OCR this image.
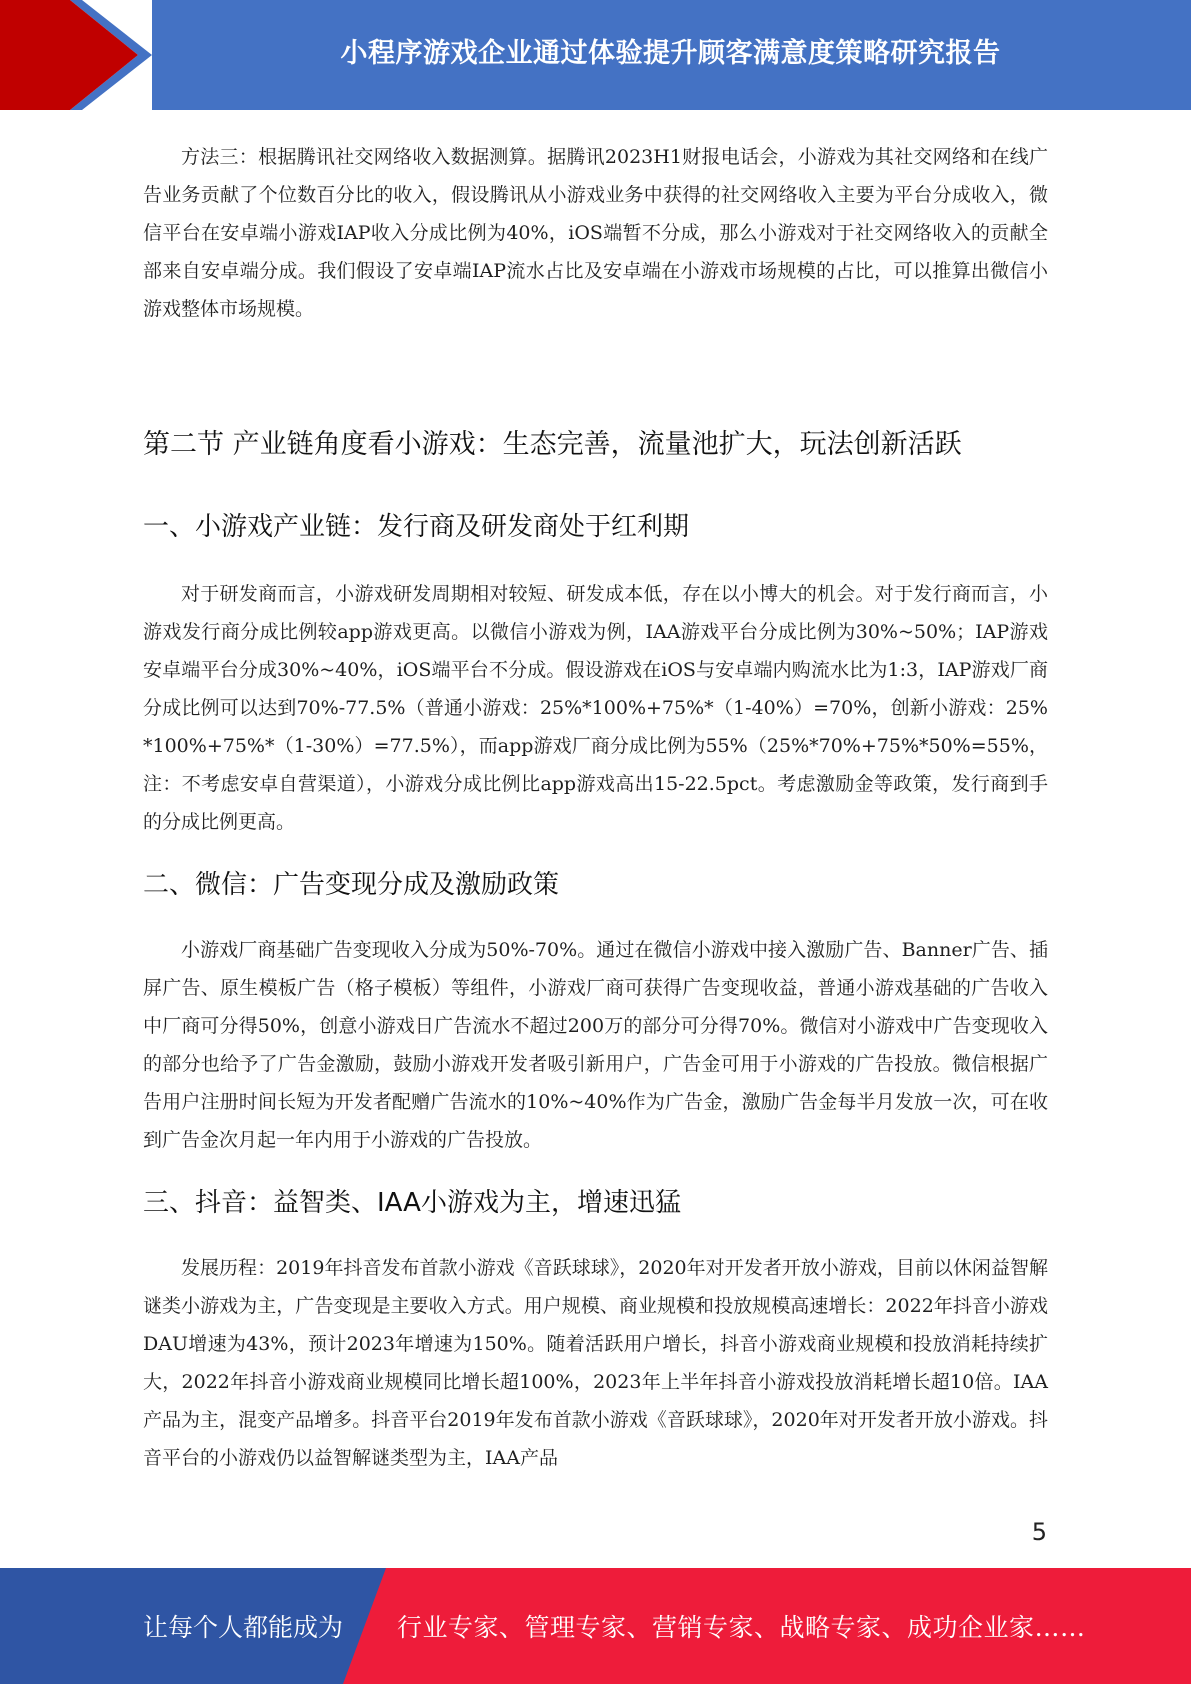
小程序游戏企业通过体验提升顾客满意度策略研究报告

方法三：根据腾讯社交网络收入数据测算。据腾讯2023H1财报电话会，小游戏为其社交网络和在线广告业务贡献了个位数百分比的收入，假设腾讯从小游戏业务中获得的社交网络收入主要为平台分成收入，微信平台在安卓端小游戏IAP收入分成比例为40%，iOS端暂不分成，那么小游戏对于社交网络收入的贡献全部来自安卓端分成。我们假设了安卓端IAP流水占比及安卓端在小游戏市场规模的占比，可以推算出微信小游戏整体市场规模。

第二节 产业链角度看小游戏：生态完善，流量池扩大，玩法创新活跃
一、小游戏产业链：发行商及研发商处于红利期

对于研发商而言，小游戏研发周期相对较短、研发成本低，存在以小博大的机会。对于发行商而言，小游戏发行商分成比例较app游戏更高。以微信小游戏为例，IAA游戏平台分成比例为30%~50%；IAP游戏安卓端平台分成30%~40%，iOS端平台不分成。假设游戏在iOS与安卓端内购流水比为1:3，IAP游戏厂商分成比例可以达到70%-77.5%（普通小游戏：25%*100%+75%*（1-40%）=70%，创新小游戏：25%*100%+75%*（1-30%）=77.5%），而app游戏厂商分成比例为55%（25%*70%+75%*50%=55%，注：不考虑安卓自营渠道），小游戏分成比例比app游戏高出15-22.5pct。考虑激励金等政策，发行商到手的分成比例更高。

二、微信：广告变现分成及激励政策

小游戏厂商基础广告变现收入分成为50%-70%。通过在微信小游戏中接入激励广告、Banner广告、插屏广告、原生模板广告（格子模板）等组件，小游戏厂商可获得广告变现收益，普通小游戏基础的广告收入中厂商可分得50%，创意小游戏日广告流水不超过200万的部分可分得70%。微信对小游戏中广告变现收入的部分也给予了广告金激励，鼓励小游戏开发者吸引新用户，广告金可用于小游戏的广告投放。微信根据广告用户注册时间长短为开发者配赠广告流水的10%~40%作为广告金，激励广告金每半月发放一次，可在收到广告金次月起一年内用于小游戏的广告投放。

三、抖音：益智类、IAA小游戏为主，增速迅猛

发展历程：2019年抖音发布首款小游戏《音跃球球》，2020年对开发者开放小游戏，目前以休闲益智解谜类小游戏为主，广告变现是主要收入方式。用户规模、商业规模和投放规模高速增长：2022年抖音小游戏DAU增速为43%，预计2023年增速为150%。随着活跃用户增长，抖音小游戏商业规模和投放消耗持续扩大，2022年抖音小游戏商业规模同比增长超100%，2023年上半年抖音小游戏投放消耗增长超10倍。IAA产品为主，混变产品增多。抖音平台2019年发布首款小游戏《音跃球球》，2020年对开发者开放小游戏。抖音平台的小游戏仍以益智解谜类型为主，IAA产品

5
让每个人都能成为 行业专家、管理专家、营销专家、战略专家、成功企业家……
